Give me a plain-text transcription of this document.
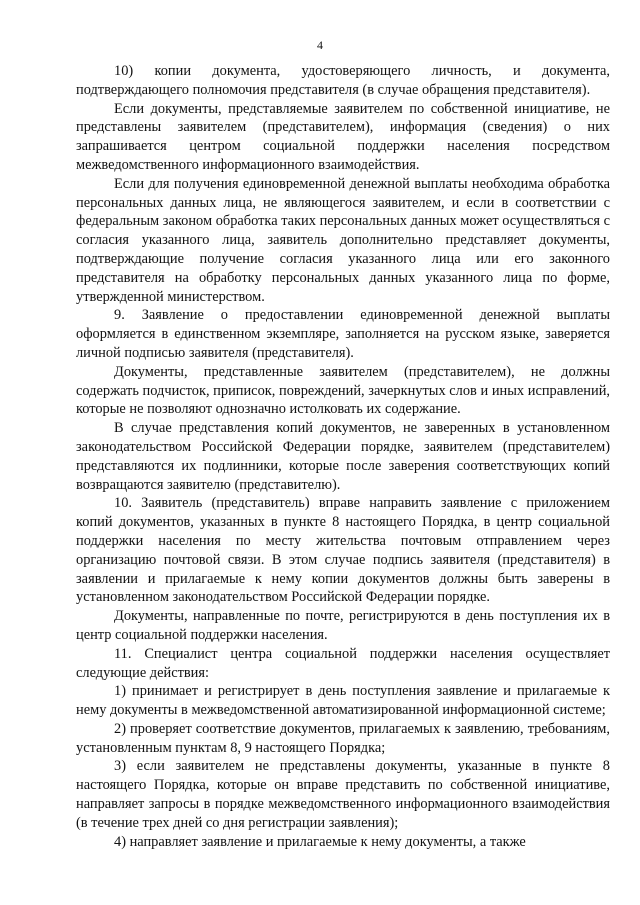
4

10) копии документа, удостоверяющего личность, и документа, подтверждающего полномочия представителя (в случае обращения представителя).

Если документы, представляемые заявителем по собственной инициативе, не представлены заявителем (представителем), информация (сведения) о них запрашивается центром социальной поддержки населения посредством межведомственного информационного взаимодействия.

Если для получения единовременной денежной выплаты необходима обработка персональных данных лица, не являющегося заявителем, и если в соответствии с федеральным законом обработка таких персональных данных может осуществляться с согласия указанного лица, заявитель дополнительно представляет документы, подтверждающие получение согласия указанного лица или его законного представителя на обработку персональных данных указанного лица по форме, утвержденной министерством.

9. Заявление о предоставлении единовременной денежной выплаты оформляется в единственном экземпляре, заполняется на русском языке, заверяется личной подписью заявителя (представителя).

Документы, представленные заявителем (представителем), не должны содержать подчисток, приписок, повреждений, зачеркнутых слов и иных исправлений, которые не позволяют однозначно истолковать их содержание.

В случае представления копий документов, не заверенных в установленном законодательством Российской Федерации порядке, заявителем (представителем) представляются их подлинники, которые после заверения соответствующих копий возвращаются заявителю (представителю).

10. Заявитель (представитель) вправе направить заявление с приложением копий документов, указанных в пункте 8 настоящего Порядка, в центр социальной поддержки населения по месту жительства почтовым отправлением через организацию почтовой связи. В этом случае подпись заявителя (представителя) в заявлении и прилагаемые к нему копии документов должны быть заверены в установленном законодательством Российской Федерации порядке.

Документы, направленные по почте, регистрируются в день поступления их в центр социальной поддержки населения.

11. Специалист центра социальной поддержки населения осуществляет следующие действия:

1) принимает и регистрирует в день поступления заявление и прилагаемые к нему документы в межведомственной автоматизированной информационной системе;

2) проверяет соответствие документов, прилагаемых к заявлению, требованиям, установленным пунктам 8, 9 настоящего Порядка;

3) если заявителем не представлены документы, указанные в пункте 8 настоящего Порядка, которые он вправе представить по собственной инициативе, направляет запросы в порядке межведомственного информационного взаимодействия (в течение трех дней со дня регистрации заявления);

4) направляет заявление и прилагаемые к нему документы, а также
